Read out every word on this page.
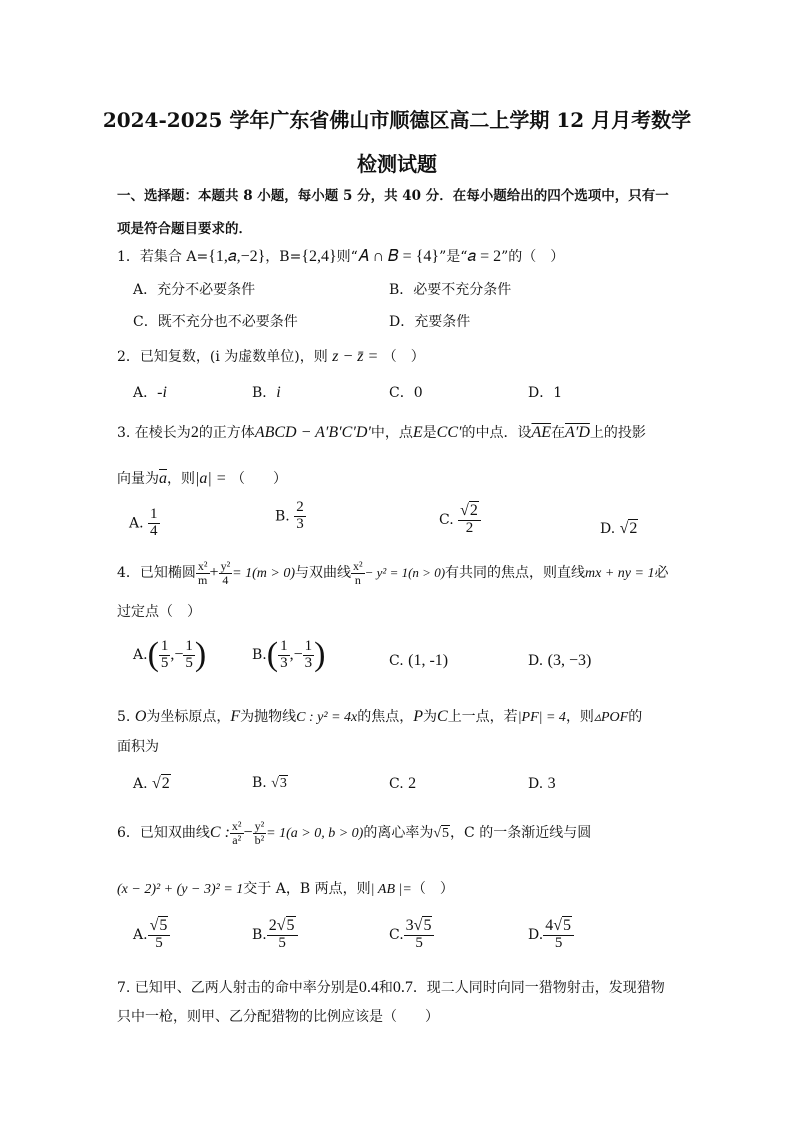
2024-2025 学年广东省佛山市顺德区高二上学期 12 月月考数学
检测试题
一、选择题：本题共 8 小题，每小题 5 分，共 40 分．在每小题给出的四个选项中，只有一
项是符合题目要求的．
1．若集合 A={1,𝑎,−2}，B={2,4}则“𝐴 ∩ 𝐵 = {4}”是“𝑎 = 2”的（　）
A．充分不必要条件	B．必要不充分条件
C．既不充分也不必要条件	D．充要条件
2．已知复数，(i 为虚数单位)，则 z − z̄ = （　）
A．-i	B．i	C．0	D．1
3. 在棱长为2的正方体ABCD − A′B′C′D′中，点E是CC′的中点．设$\overline{AE}$在A′D上的投影
向量为$\overline{a}$，则|a| = （　　）
A. $\frac{1}{4}$	B. $\frac{2}{3}$	C. $\frac{√2}{2}$	D. √2
4．已知椭圆 $\frac{\text{x²}}{m} + \frac{\text{y²}}{4} = 1(m > 0)$与双曲线 $\frac{\text{x²}}{n} - y^2 = 1(n > 0)$有共同的焦点，则直线mx + ny = 1必
过定点（　）
$A.( \frac{1}{5}$ ,− $\frac{1}{5}$ )	$B.( \frac{1}{3}$ ,− $\frac{1}{3}$ )	C. (1, -1)	D. (3, −3)
5. O为坐标原点，F为抛物线C : y² = 4x的焦点，P为C上一点，若|PF| = 4，则▵POF的
面积为
A. √2	B. √3	C. 2	D. 3
6．已知双曲线C : $\frac{\text{x²}}{\text{a²}} - \frac{\text{y²}}{\text{b²}} = 1(a > 0$, b > 0)的离心率为√5，C 的一条渐近线与圆
(x − 2)² + (y − 3)² = 1交于 A，B 两点，则| AB |=（　）
A. $\frac{√5}{5}$	B. $\frac{2√5}{5}$	C. $\frac{3√5}{5}$	D. $\frac{4√5}{5}$
7. 已知甲、乙两人射击的命中率分别是0.4和0.7．现二人同时向同一猎物射击，发现猎物
只中一枪，则甲、乙分配猎物的比例应该是（　　）
